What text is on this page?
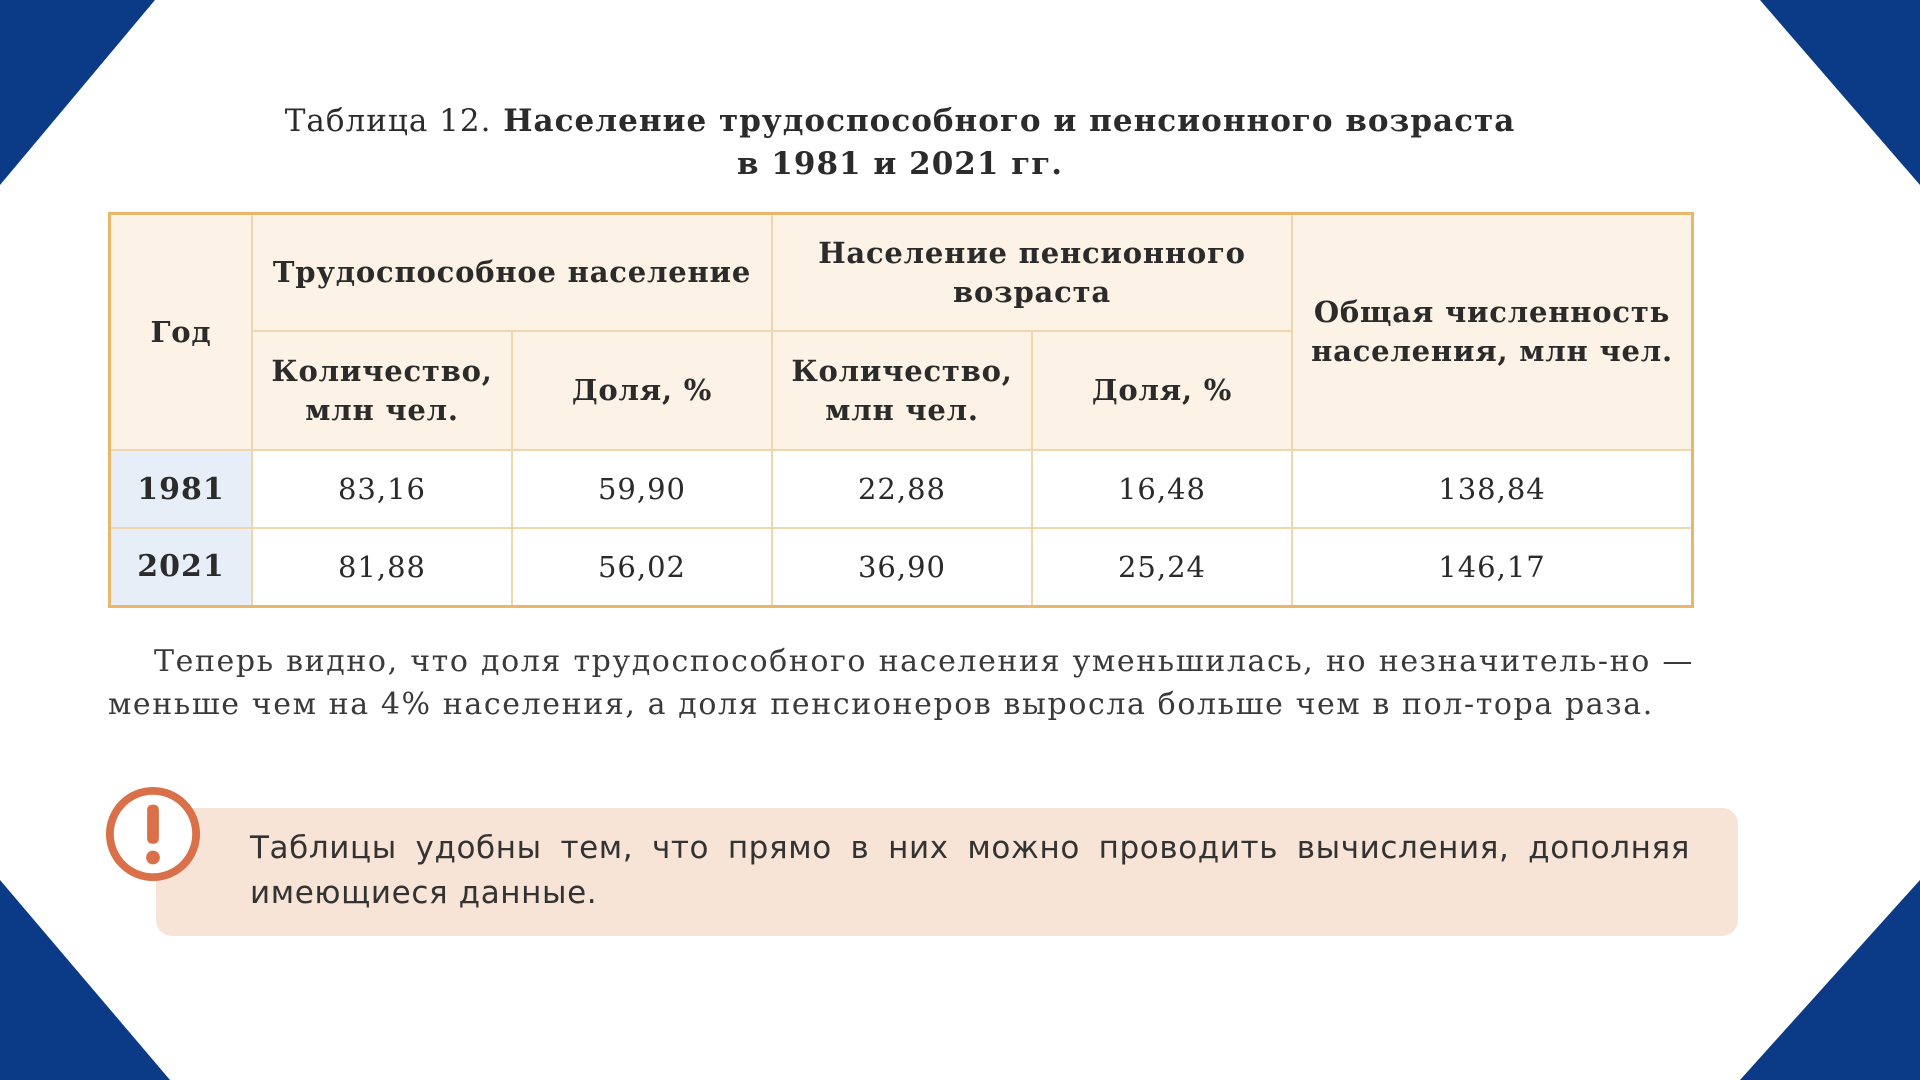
Таблица 12. Население трудоспособного и пенсионного возраста
в 1981 и 2021 гг.
Год	Трудоспособное население		Население пенсионного возраста		Общая численность населения, млн чел.
	Количество, млн чел.	Доля, %	Количество, млн чел.	Доля, %	
1981	83,16	59,90	22,88	16,48	138,84
2021	81,88	56,02	36,90	25,24	146,17

Теперь видно, что доля трудоспособного населения уменьшилась, но незначитель-но — меньше чем на 4% населения, а доля пенсионеров выросла больше чем в пол-тора раза.

Таблицы удобны тем, что прямо в них можно проводить вычисления, дополняя имеющиеся данные.
